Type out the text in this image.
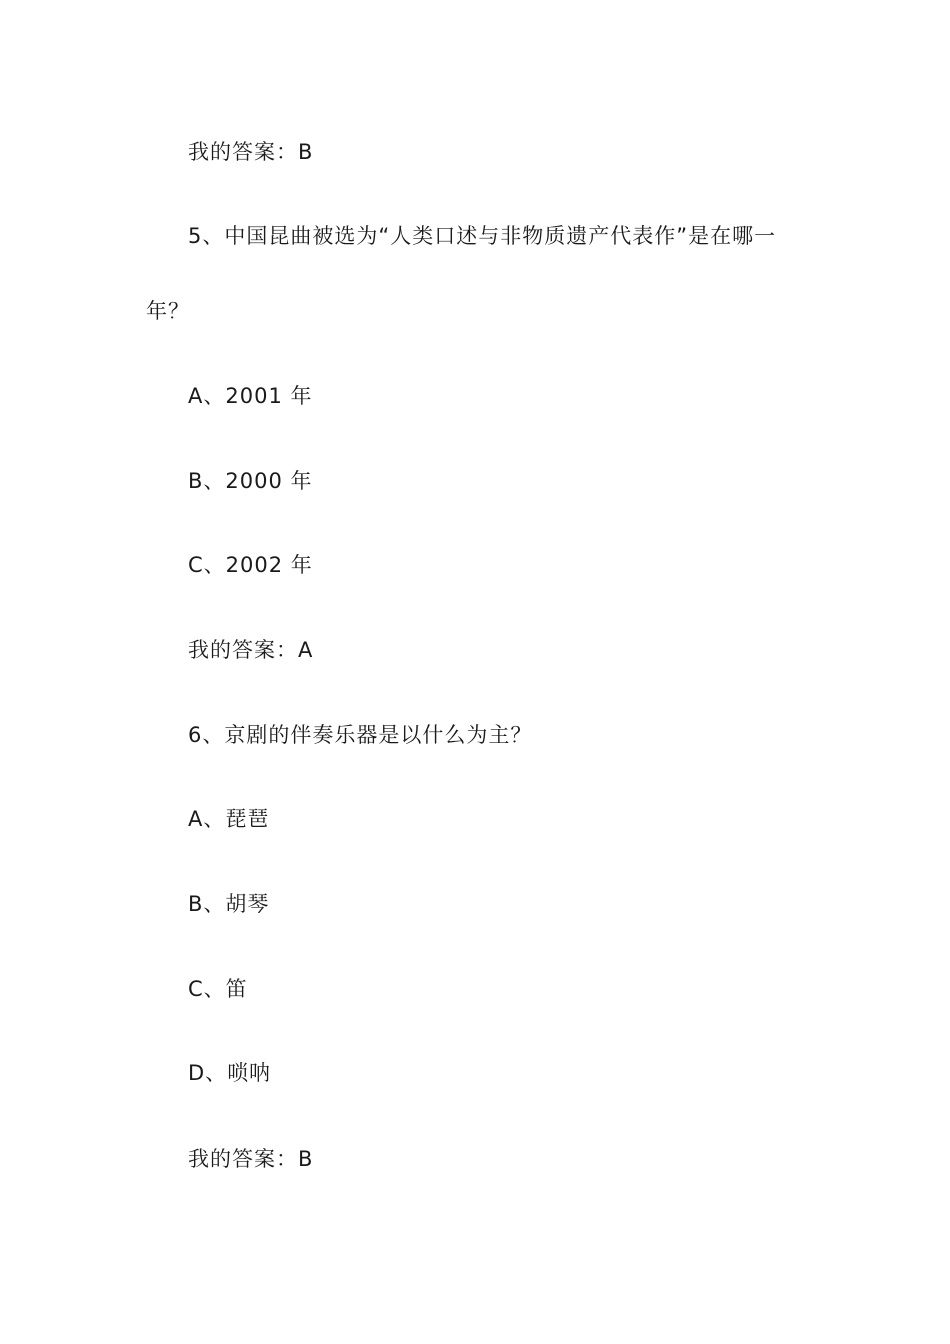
我的答案：B
5、中国昆曲被选为“人类口述与非物质遗产代表作”是在哪一
年？
A、2001 年
B、2000 年
C、2002 年
我的答案：A
6、京剧的伴奏乐器是以什么为主？
A、琵琶
B、胡琴
C、笛
D、唢呐
我的答案：B
